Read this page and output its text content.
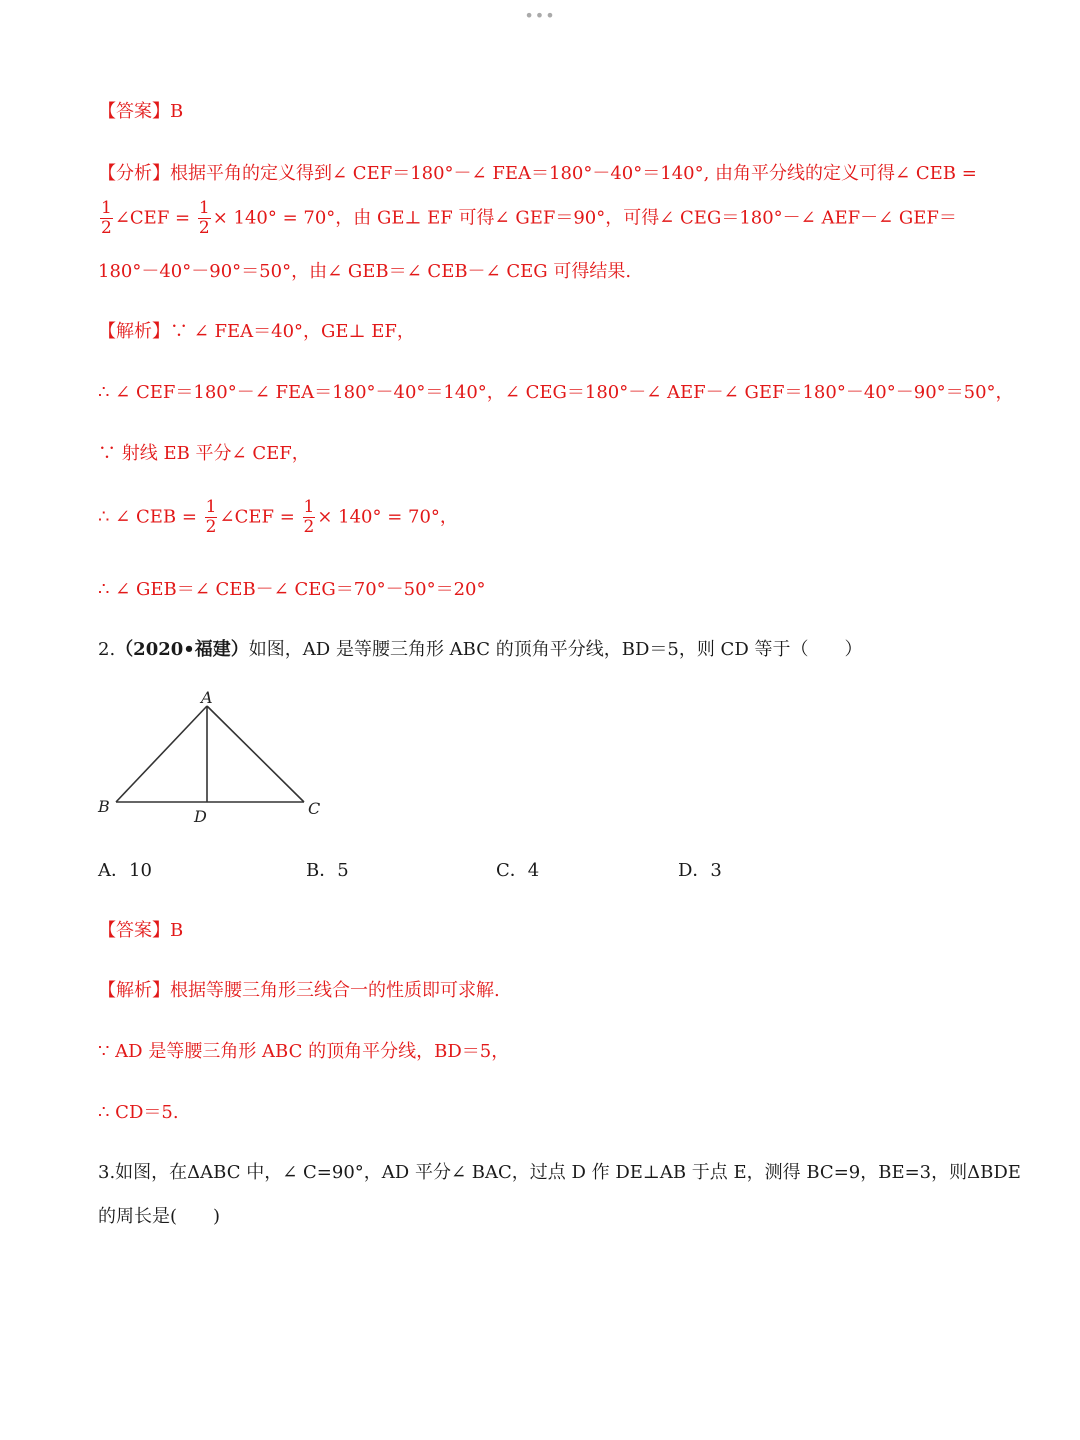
•••
【答案】B
【分析】根据平角的定义得到∠ CEF＝180°－∠ FEA＝180°－40°＝140°, 由角平分线的定义可得∠ CEB =
$\frac{1}{2}$ ∠CEF = $\frac{1}{2} \times 140^\circ = 70^\circ$，由 GE⊥ EF 可得∠ GEF＝90°，可得∠ CEG＝180°－∠ AEF－∠ GEF＝
180°－40°－90°＝50°，由∠ GEB＝∠ CEB－∠ CEG 可得结果.
【解析】∵ ∠ FEA＝40°，GE⊥ EF，
∴ ∠ CEF＝180°－∠ FEA＝180°－40°＝140°，∠ CEG＝180°－∠ AEF－∠ GEF＝180°－40°－90°＝50°，
∵ 射线 EB 平分∠ CEF，
∴ ∠ CEB = $\frac{1}{2}$ ∠CEF = $\frac{1}{2} \times 140^\circ = 70^\circ$，
∴ ∠ GEB＝∠ CEB－∠ CEG＝70°－50°＝20°
2.（2020•福建）如图，AD 是等腰三角形 ABC 的顶角平分线，BD＝5，则 CD 等于（　　）
A
B	C
D
A．10	B．5	C．4	D．3
【答案】B
【解析】根据等腰三角形三线合一的性质即可求解.
∵ AD 是等腰三角形 ABC 的顶角平分线，BD＝5，
∴ CD＝5.
3.如图，在ΔABC 中，∠ C=90°，AD 平分∠ BAC，过点 D 作 DE⊥AB 于点 E，测得 BC=9，BE=3，则ΔBDE
的周长是(　　)
